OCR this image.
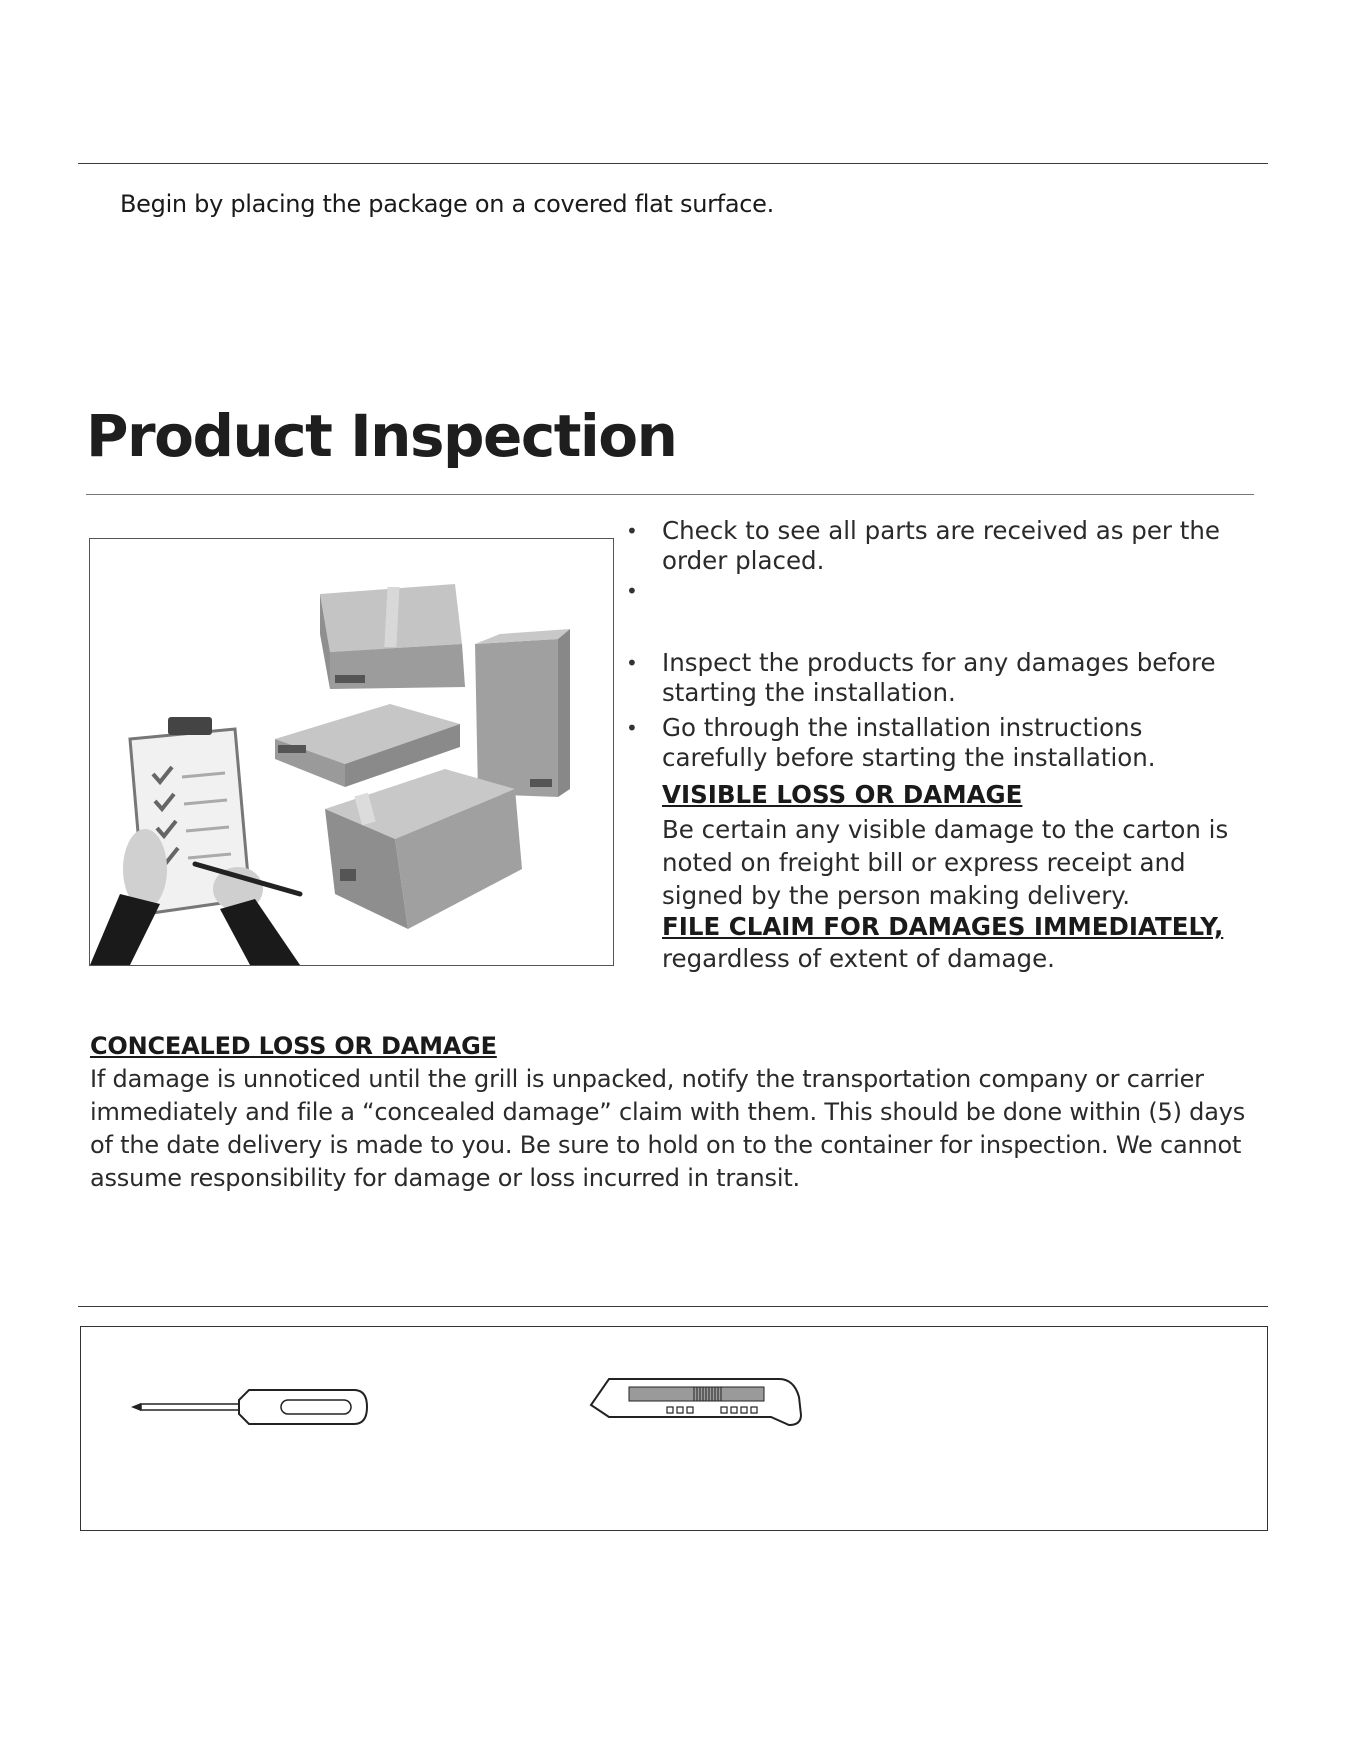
Begin by placing the package on a covered flat surface.

Product Inspection
• Check to see all parts are received as per the order placed.
•
• Inspect the products for any damages before starting the installation.
• Go through the installation instructions carefully before starting the installation.
VISIBLE LOSS OR DAMAGE
Be certain any visible damage to the carton is noted on freight bill or express receipt and signed by the person making delivery.
FILE CLAIM FOR DAMAGES IMMEDIATELY,
regardless of extent of damage.
CONCEALED LOSS OR DAMAGE
If damage is unnoticed until the grill is unpacked, notify the transportation company or carrier immediately and file a “concealed damage” claim with them. This should be done within (5) days of the date delivery is made to you. Be sure to hold on to the container for inspection. We cannot assume responsibility for damage or loss incurred in transit.
